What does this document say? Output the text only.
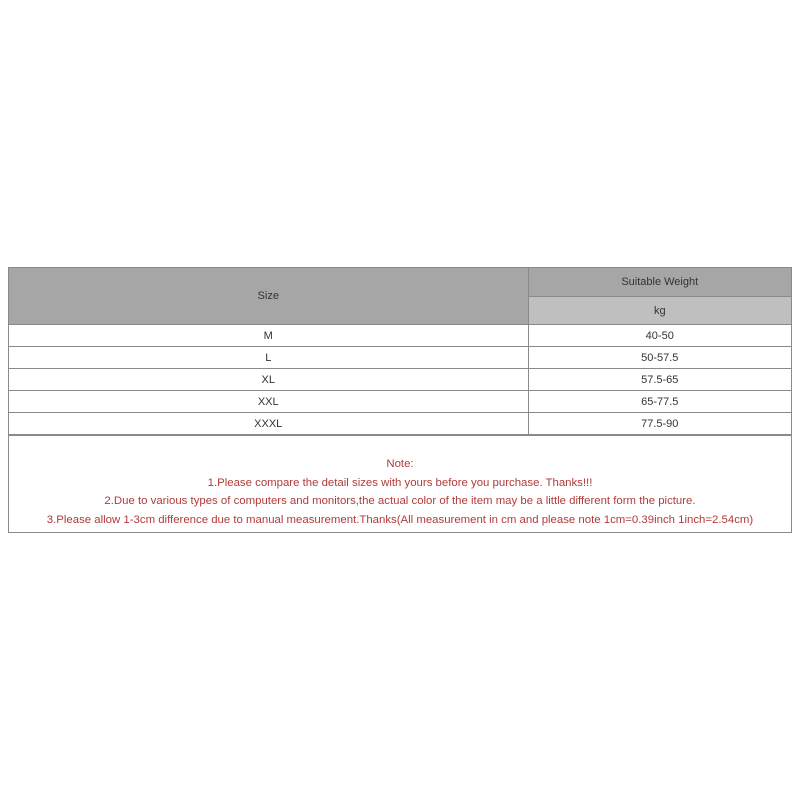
Size	Suitable Weight
	kg
M	40-50
L	50-57.5
XL	57.5-65
XXL	65-77.5
XXXL	77.5-90
Note:
1.Please compare the detail sizes with yours before you purchase. Thanks!!!
2.Due to various types of computers and monitors,the actual color of the item may be a little different form the picture.
3.Please allow 1-3cm difference due to manual measurement.Thanks(All measurement in cm and please note 1cm=0.39inch 1inch=2.54cm)
